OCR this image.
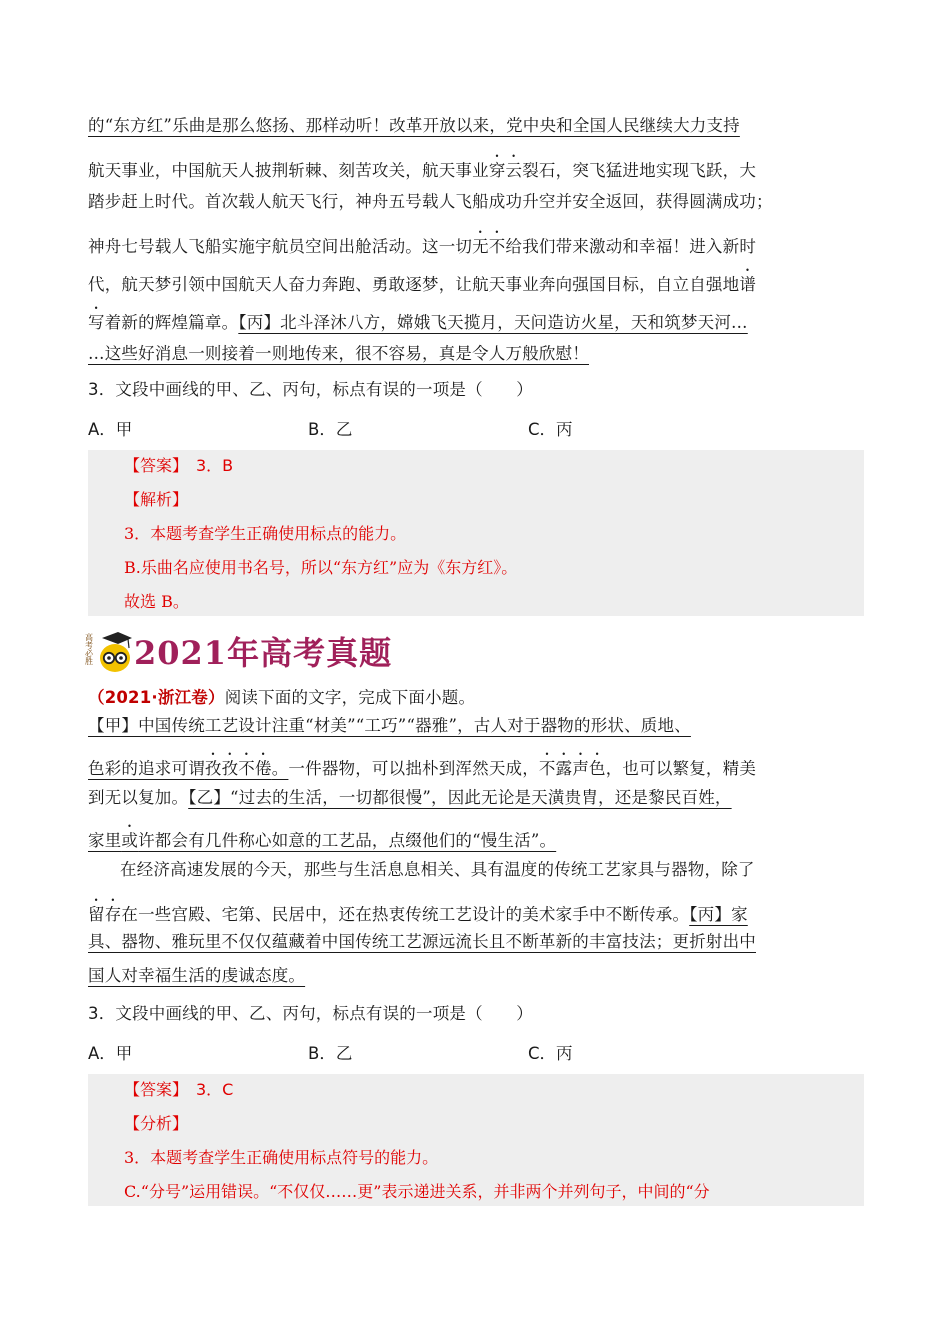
的“东方红”乐曲是那么悠扬、那样动听！改革开放以来，党中央和全国人民继续大力支持
航天事业，中国航天人披荆斩棘、刻苦攻关，航天事业穿云裂石，突飞猛进地实现飞跃，大
踏步赶上时代。首次载人航天飞行，神舟五号载人飞船成功升空并安全返回，获得圆满成功；
神舟七号载人飞船实施宇航员空间出舱活动。这一切无不给我们带来激动和幸福！进入新时
代，航天梦引领中国航天人奋力奔跑、勇敢逐梦，让航天事业奔向强国目标，自立自强地谱
写着新的辉煌篇章。【丙】北斗泽沐八方，嫦娥飞天揽月，天问造访火星，天和筑梦天河…
…这些好消息一则接着一则地传来，很不容易，真是令人万般欣慰！
3．文段中画线的甲、乙、丙句，标点有误的一项是（　　）
A．甲	B．乙	C．丙
【答案】　3．B
【解析】
3．本题考查学生正确使用标点的能力。
B.乐曲名应使用书名号，所以“东方红”应为《东方红》。
故选 B。
高考必胜 2021年高考真题
（2021·浙江卷）阅读下面的文字，完成下面小题。
【甲】中国传统工艺设计注重“材美”“工巧”“器雅”，古人对于器物的形状、质地、
色彩的追求可谓孜孜不倦。一件器物，可以拙朴到浑然天成，不露声色，也可以繁复，精美
到无以复加。【乙】“过去的生活，一切都很慢”，因此无论是天潢贵胄，还是黎民百姓，
家里或许都会有几件称心如意的工艺品，点缀他们的“慢生活”。
在经济高速发展的今天，那些与生活息息相关、具有温度的传统工艺家具与器物，除了
留存在一些宫殿、宅第、民居中，还在热衷传统工艺设计的美术家手中不断传承。【丙】家
具、器物、雅玩里不仅仅蕴藏着中国传统工艺源远流长且不断革新的丰富技法；更折射出中
国人对幸福生活的虔诚态度。
3．文段中画线的甲、乙、丙句，标点有误的一项是（　　）
A．甲	B．乙	C．丙
【答案】　3．C
【分析】
3．本题考查学生正确使用标点符号的能力。
C.“分号”运用错误。“不仅仅……更”表示递进关系，并非两个并列句子，中间的“分
